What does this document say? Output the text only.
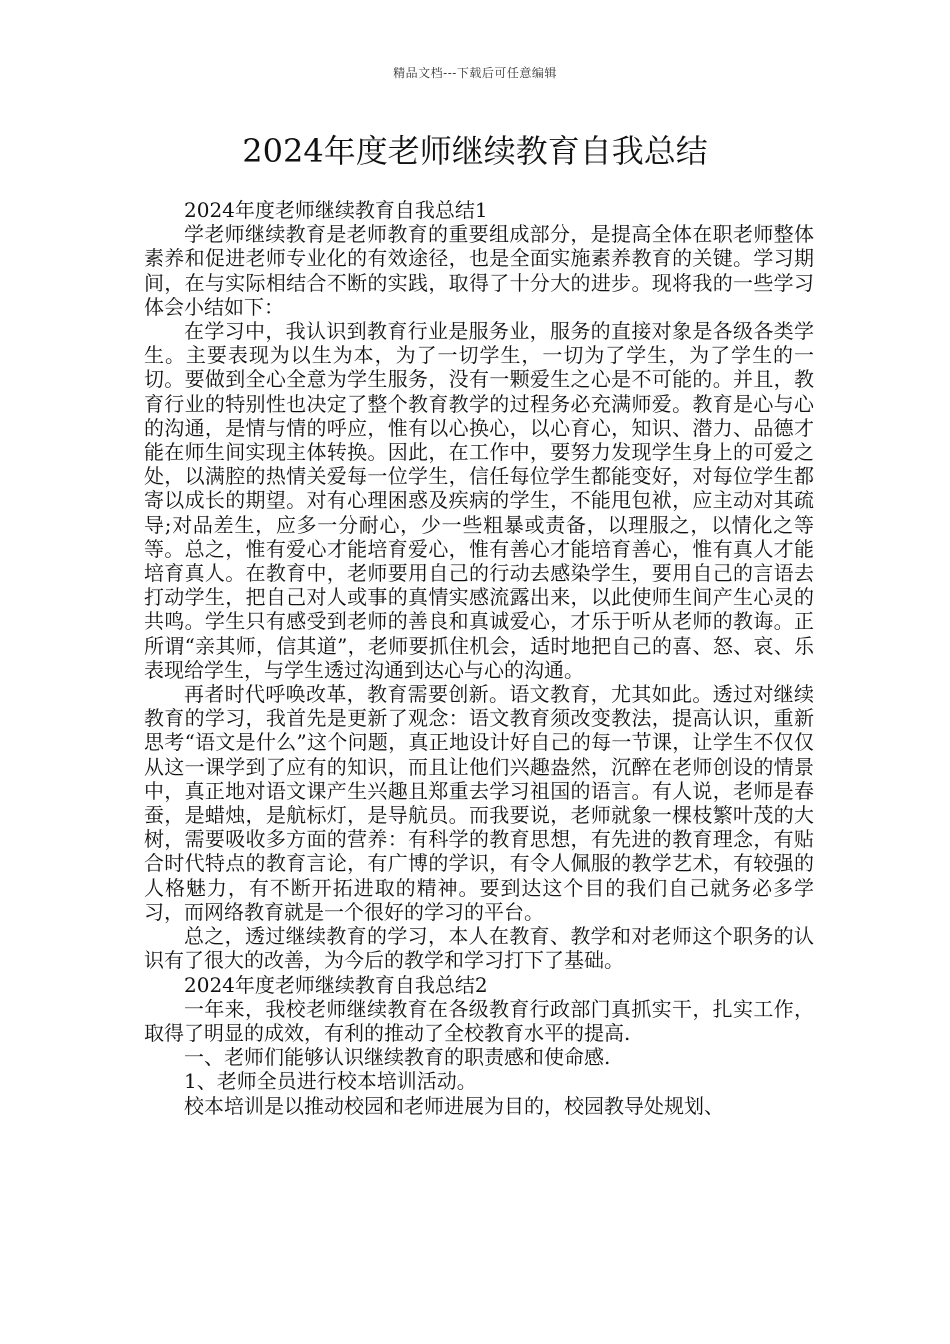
精品文档---下载后可任意编辑
2024年度老师继续教育自我总结

2024年度老师继续教育自我总结1

学老师继续教育是老师教育的重要组成部分，是提高全体在职老师整体素养和促进老师专业化的有效途径，也是全面实施素养教育的关键。学习期间，在与实际相结合不断的实践，取得了十分大的进步。现将我的一些学习体会小结如下：

在学习中，我认识到教育行业是服务业，服务的直接对象是各级各类学生。主要表现为以生为本，为了一切学生，一切为了学生，为了学生的一切。要做到全心全意为学生服务，没有一颗爱生之心是不可能的。并且，教育行业的特别性也决定了整个教育教学的过程务必充满师爱。教育是心与心的沟通，是情与情的呼应，惟有以心换心，以心育心，知识、潜力、品德才能在师生间实现主体转换。因此，在工作中，要努力发现学生身上的可爱之处，以满腔的热情关爱每一位学生，信任每位学生都能变好，对每位学生都寄以成长的期望。对有心理困惑及疾病的学生，不能甩包袱，应主动对其疏导;对品差生，应多一分耐心，少一些粗暴或责备，以理服之，以情化之等等。总之，惟有爱心才能培育爱心，惟有善心才能培育善心，惟有真人才能培育真人。在教育中，老师要用自己的行动去感染学生，要用自己的言语去打动学生，把自己对人或事的真情实感流露出来，以此使师生间产生心灵的共鸣。学生只有感受到老师的善良和真诚爱心，才乐于听从老师的教诲。正所谓“亲其师，信其道”，老师要抓住机会，适时地把自己的喜、怒、哀、乐表现给学生，与学生透过沟通到达心与心的沟通。

再者时代呼唤改革，教育需要创新。语文教育，尤其如此。透过对继续教育的学习，我首先是更新了观念：语文教育须改变教法，提高认识，重新思考“语文是什么”这个问题，真正地设计好自己的每一节课，让学生不仅仅从这一课学到了应有的知识，而且让他们兴趣盎然，沉醉在老师创设的情景中，真正地对语文课产生兴趣且郑重去学习祖国的语言。有人说，老师是春蚕，是蜡烛，是航标灯，是导航员。而我要说，老师就象一棵枝繁叶茂的大树，需要吸收多方面的营养：有科学的教育思想，有先进的教育理念，有贴合时代特点的教育言论，有广博的学识，有令人佩服的教学艺术，有较强的人格魅力，有不断开拓进取的精神。要到达这个目的我们自己就务必多学习，而网络教育就是一个很好的学习的平台。

总之，透过继续教育的学习，本人在教育、教学和对老师这个职务的认识有了很大的改善，为今后的教学和学习打下了基础。

2024年度老师继续教育自我总结2

一年来，我校老师继续教育在各级教育行政部门真抓实干，扎实工作，取得了明显的成效，有利的推动了全校教育水平的提高.

一、老师们能够认识继续教育的职责感和使命感.

1、老师全员进行校本培训活动。

校本培训是以推动校园和老师进展为目的，校园教导处规划、
